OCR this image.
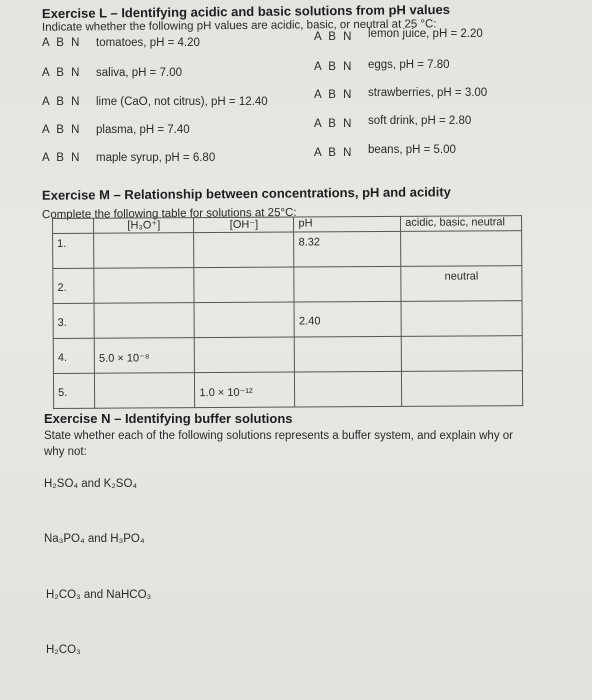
Exercise L – Identifying acidic and basic solutions from pH values
Indicate whether the following pH values are acidic, basic, or neutral at 25 °C:
A B N tomatoes, pH = 4.20	A B N lemon juice, pH = 2.20
A B N saliva, pH = 7.00	A B N eggs, pH = 7.80
A B N lime (CaO, not citrus), pH = 12.40
A B N strawberries, pH = 3.00
A B N plasma, pH = 7.40	A B N soft drink, pH = 2.80
A B N maple syrup, pH = 6.80	A B N beans, pH = 5.00
Exercise M – Relationship between concentrations, pH and acidity
Complete the following table for solutions at 25°C:
	[H₃O⁺]	[OH⁻]	pH	acidic, basic, neutral
1.			8.32	
2.				neutral
3.			2.40	
4.	5.0 × 10⁻⁸			
5.		1.0 × 10⁻¹²		
Exercise N – Identifying buffer solutions
State whether each of the following solutions represents a buffer system, and explain why or
why not:
H₂SO₄ and K₂SO₄
Na₃PO₄ and H₃PO₄
H₂CO₃ and NaHCO₃
H₂CO₃
